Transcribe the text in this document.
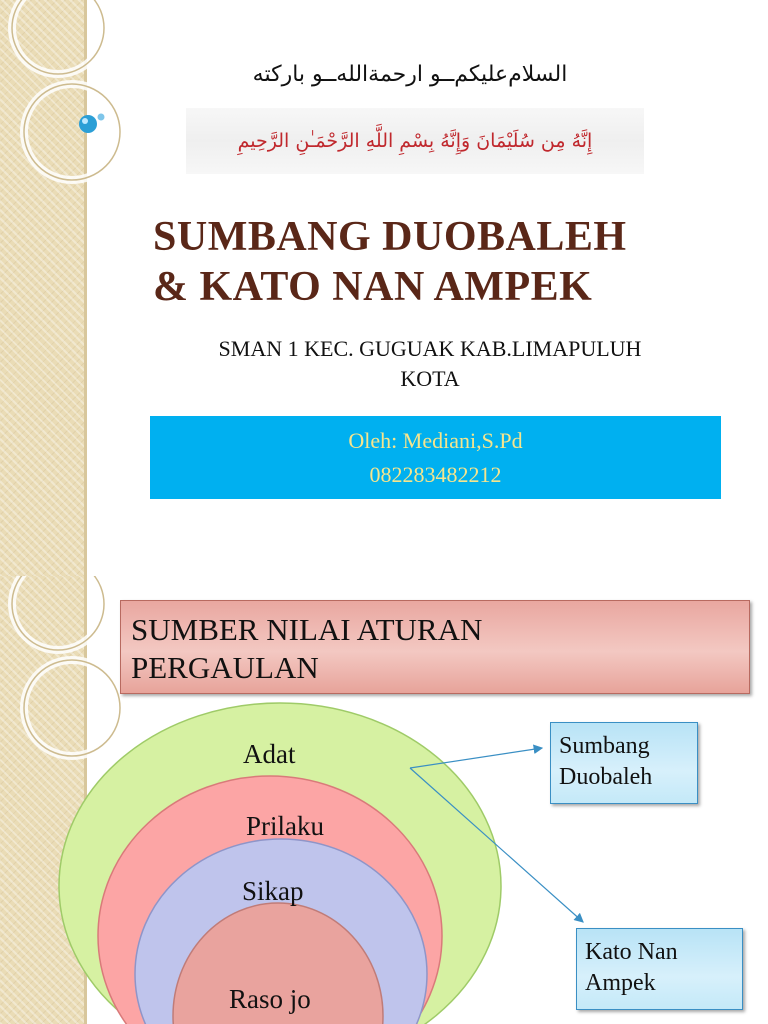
السلام‌عليكم‌ــو ارحمة‌الله‌ــو باركته
إِنَّهُ مِن سُلَيْمَانَ وَإِنَّهُ بِسْمِ اللَّهِ الرَّحْمَـٰنِ الرَّحِيمِ
SUMBANG DUOBALEH
& KATO NAN AMPEK
SMAN 1 KEC. GUGUAK KAB.LIMAPULUH
KOTA
Oleh: Mediani,S.Pd
082283482212
SUMBER NILAI ATURAN
PERGAULAN
Adat
Prilaku
Sikap
Raso jo
Sumbang
Duobaleh
Kato Nan
Ampek
